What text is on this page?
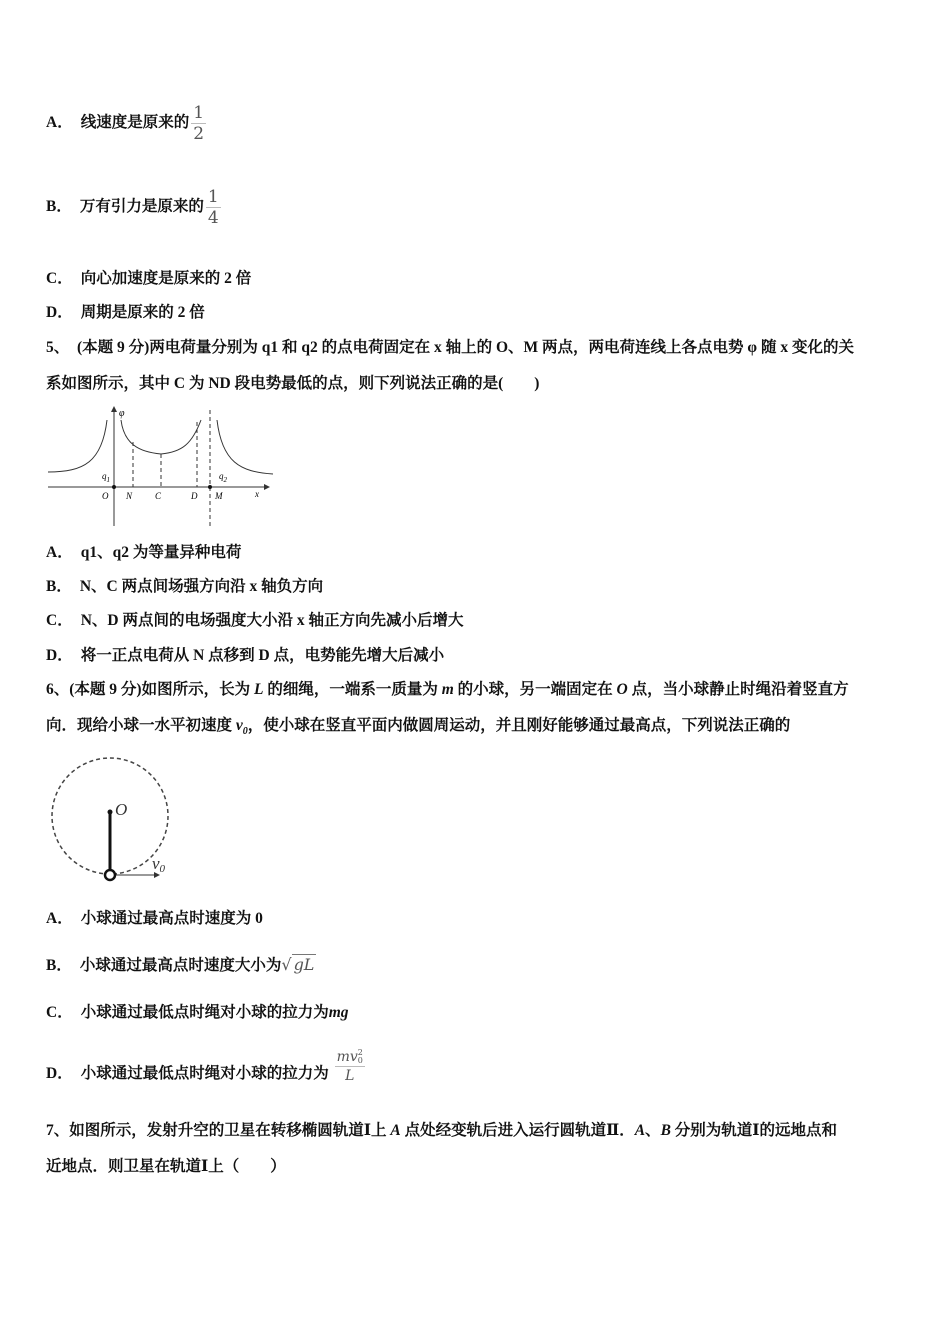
A． 线速度是原来的 $\frac{1}{2}$
B． 万有引力是原来的 $\frac{1}{4}$
C． 向心加速度是原来的 2 倍
D． 周期是原来的 2 倍
5、 (本题 9 分)两电荷量分别为 q1 和 q2 的点电荷固定在 x 轴上的 O、M 两点，两电荷连线上各点电势 φ 随 x 变化的关
系如图所示，其中 C 为 ND 段电势最低的点，则下列说法正确的是(　　)
φ
$q_1$	$q_2$
O N	C	D M	x
A． q1、q2 为等量异种电荷
B． N、C 两点间场强方向沿 x 轴负方向
C． N、D 两点间的电场强度大小沿 x 轴正方向先减小后增大
D． 将一正点电荷从 N 点移到 D 点，电势能先增大后减小
6、(本题 9 分)如图所示，长为 L 的细绳，一端系一质量为 m 的小球，另一端固定在 O 点，当小球静止时绳沿着竖直方
向．现给小球一水平初速度 $v_0$，使小球在竖直平面内做圆周运动，并且刚好能够通过最高点，下列说法正确的
O
v0
A． 小球通过最高点时速度为 0
B． 小球通过最高点时速度大小为√ gL
C． 小球通过最低点时绳对小球的拉力为mg
D． 小球通过最低点时绳对小球的拉力为 mv 2
0
L
7、如图所示，发射升空的卫星在转移椭圆轨道Ⅰ上 A 点处经变轨后进入运行圆轨道Ⅱ．A、B 分别为轨道Ⅰ的远地点和
近地点．则卫星在轨道Ⅰ上（　　）
